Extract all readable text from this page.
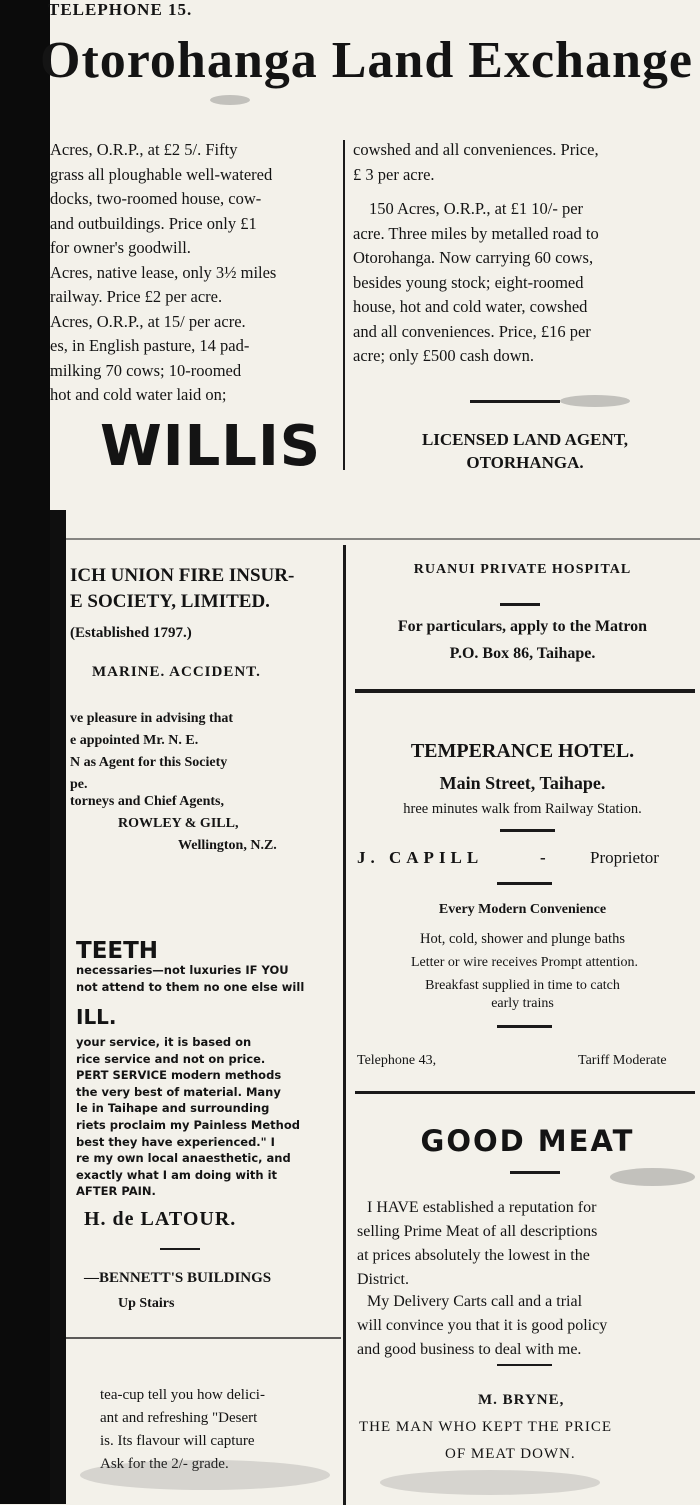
TELEPHONE 15.
Otorohanga Land Exchange
Acres, O.R.P., at £2 5/. Fifty
grass all ploughable well-watered
docks, two-roomed house, cow-
and outbuildings. Price only £1
for owner's goodwill.
Acres, native lease, only 3½ miles
railway. Price £2 per acre.
Acres, O.R.P., at 15/ per acre.
es, in English pasture, 14 pad-
milking 70 cows; 10-roomed
hot and cold water laid on;
cowshed and all conveniences. Price,
£ 3 per acre.
150 Acres, O.R.P., at £1 10/- per
acre. Three miles by metalled road to
Otorohanga. Now carrying 60 cows,
besides young stock; eight-roomed
house, hot and cold water, cowshed
and all conveniences. Price, £16 per
acre; only £500 cash down.
WILLIS	LICENSED LAND AGENT,
OTORHANGA.
ICH UNION FIRE INSUR-
E SOCIETY, LIMITED.
(Established 1797.)
MARINE. ACCIDENT.
ve pleasure in advising that
e appointed Mr. N. E.
N as Agent for this Society
pe.
torneys and Chief Agents,
ROWLEY & GILL,
Wellington, N.Z.
RUANUI PRIVATE HOSPITAL
For particulars, apply to the Matron
P.O. Box 86, Taihape.
TEMPERANCE HOTEL.
Main Street, Taihape.
hree minutes walk from Railway Station.
J. CAPILL	-	Proprietor
Every Modern Convenience
Hot, cold, shower and plunge baths
Letter or wire receives Prompt attention.
Breakfast supplied in time to catch
early trains
Telephone 43,	Tariff Moderate
TEETH
necessaries—not luxuries IF YOU
not attend to them no one else will
ILL.
your service, it is based on
rice service and not on price.
PERT SERVICE modern methods
the very best of material. Many
le in Taihape and surrounding
riets proclaim my Painless Method
best they have experienced." I
re my own local anaesthetic, and
exactly what I am doing with it
AFTER PAIN.
H. de LATOUR.
—BENNETT'S BUILDINGS
Up Stairs
tea-cup tell you how delici-
ant and refreshing "Desert
is. Its flavour will capture
Ask for the 2/- grade.
GOOD MEAT
I HAVE established a reputation for
selling Prime Meat of all descriptions
at prices absolutely the lowest in the
District.
My Delivery Carts call and a trial
will convince you that it is good policy
and good business to deal with me.
M. BRYNE,
THE MAN WHO KEPT THE PRICE
OF MEAT DOWN.
